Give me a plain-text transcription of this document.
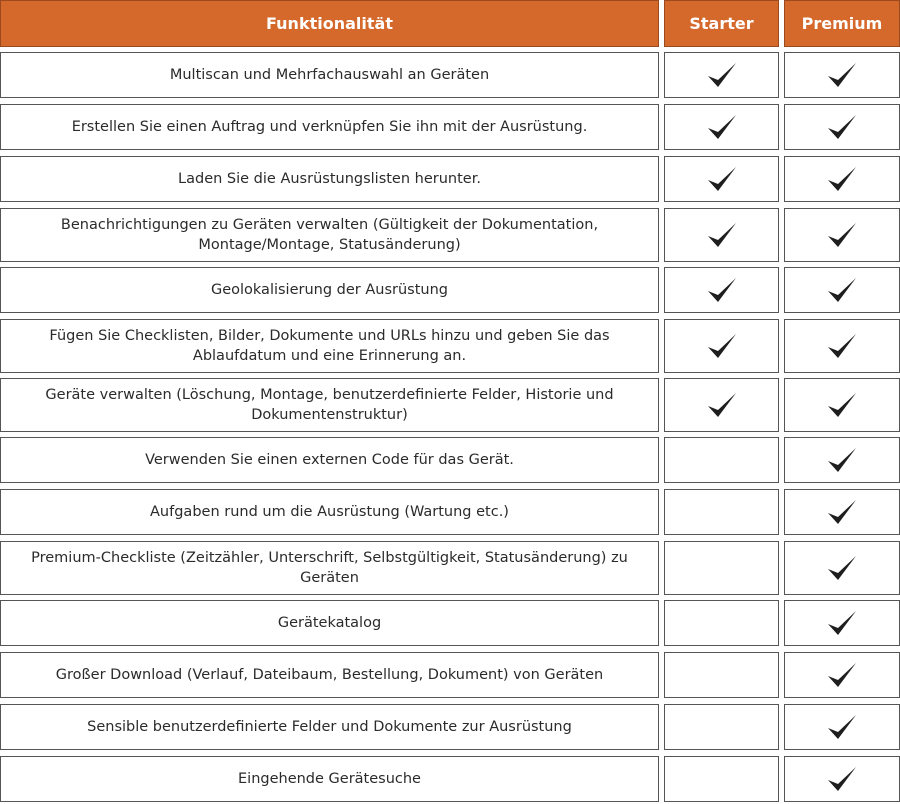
Funktionalität	Starter	Premium
Multiscan und Mehrfachauswahl an Geräten
Erstellen Sie einen Auftrag und verknüpfen Sie ihn mit der Ausrüstung.
Laden Sie die Ausrüstungslisten herunter.
Benachrichtigungen zu Geräten verwalten (Gültigkeit der Dokumentation, Montage/Montage, Statusänderung)
Geolokalisierung der Ausrüstung
Fügen Sie Checklisten, Bilder, Dokumente und URLs hinzu und geben Sie das Ablaufdatum und eine Erinnerung an.
Geräte verwalten (Löschung, Montage, benutzerdefinierte Felder, Historie und Dokumentenstruktur)
Verwenden Sie einen externen Code für das Gerät.
Aufgaben rund um die Ausrüstung (Wartung etc.)
Premium-Checkliste (Zeitzähler, Unterschrift, Selbstgültigkeit, Statusänderung) zu Geräten
Gerätekatalog
Großer Download (Verlauf, Dateibaum, Bestellung, Dokument) von Geräten
Sensible benutzerdefinierte Felder und Dokumente zur Ausrüstung
Eingehende Gerätesuche
